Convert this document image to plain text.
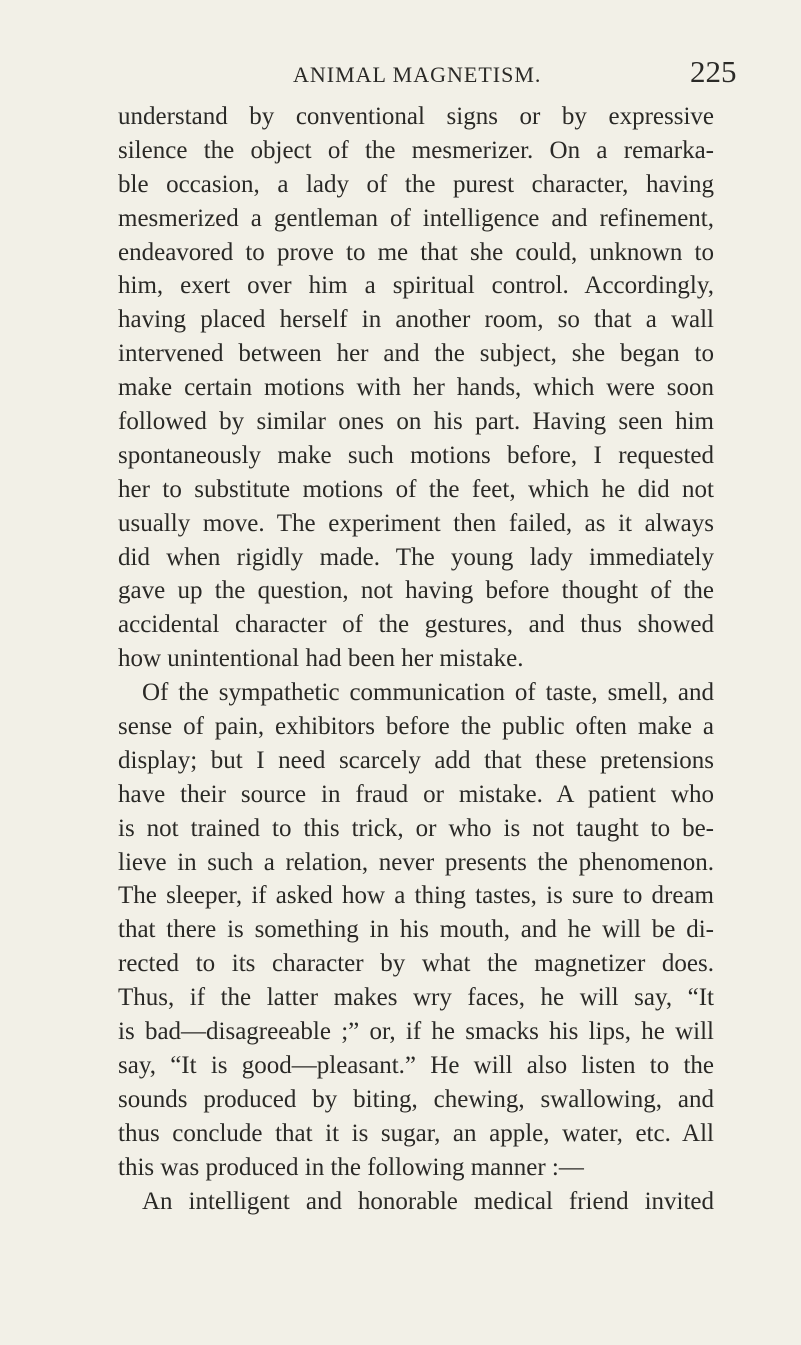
ANIMAL MAGNETISM.	225
understand by conventional signs or by expressive
silence the object of the mesmerizer. On a remarka-
ble occasion, a lady of the purest character, having
mesmerized a gentleman of intelligence and refinement,
endeavored to prove to me that she could, unknown to
him, exert over him a spiritual control. Accordingly,
having placed herself in another room, so that a wall
intervened between her and the subject, she began to
make certain motions with her hands, which were soon
followed by similar ones on his part. Having seen him
spontaneously make such motions before, I requested
her to substitute motions of the feet, which he did not
usually move. The experiment then failed, as it always
did when rigidly made. The young lady immediately
gave up the question, not having before thought of the
accidental character of the gestures, and thus showed
how unintentional had been her mistake.
Of the sympathetic communication of taste, smell, and
sense of pain, exhibitors before the public often make a
display; but I need scarcely add that these pretensions
have their source in fraud or mistake. A patient who
is not trained to this trick, or who is not taught to be-
lieve in such a relation, never presents the phenomenon.
The sleeper, if asked how a thing tastes, is sure to dream
that there is something in his mouth, and he will be di-
rected to its character by what the magnetizer does.
Thus, if the latter makes wry faces, he will say, “It
is bad—disagreeable ;” or, if he smacks his lips, he will
say, “It is good—pleasant.” He will also listen to the
sounds produced by biting, chewing, swallowing, and
thus conclude that it is sugar, an apple, water, etc. All
this was produced in the following manner :—
An intelligent and honorable medical friend invited
